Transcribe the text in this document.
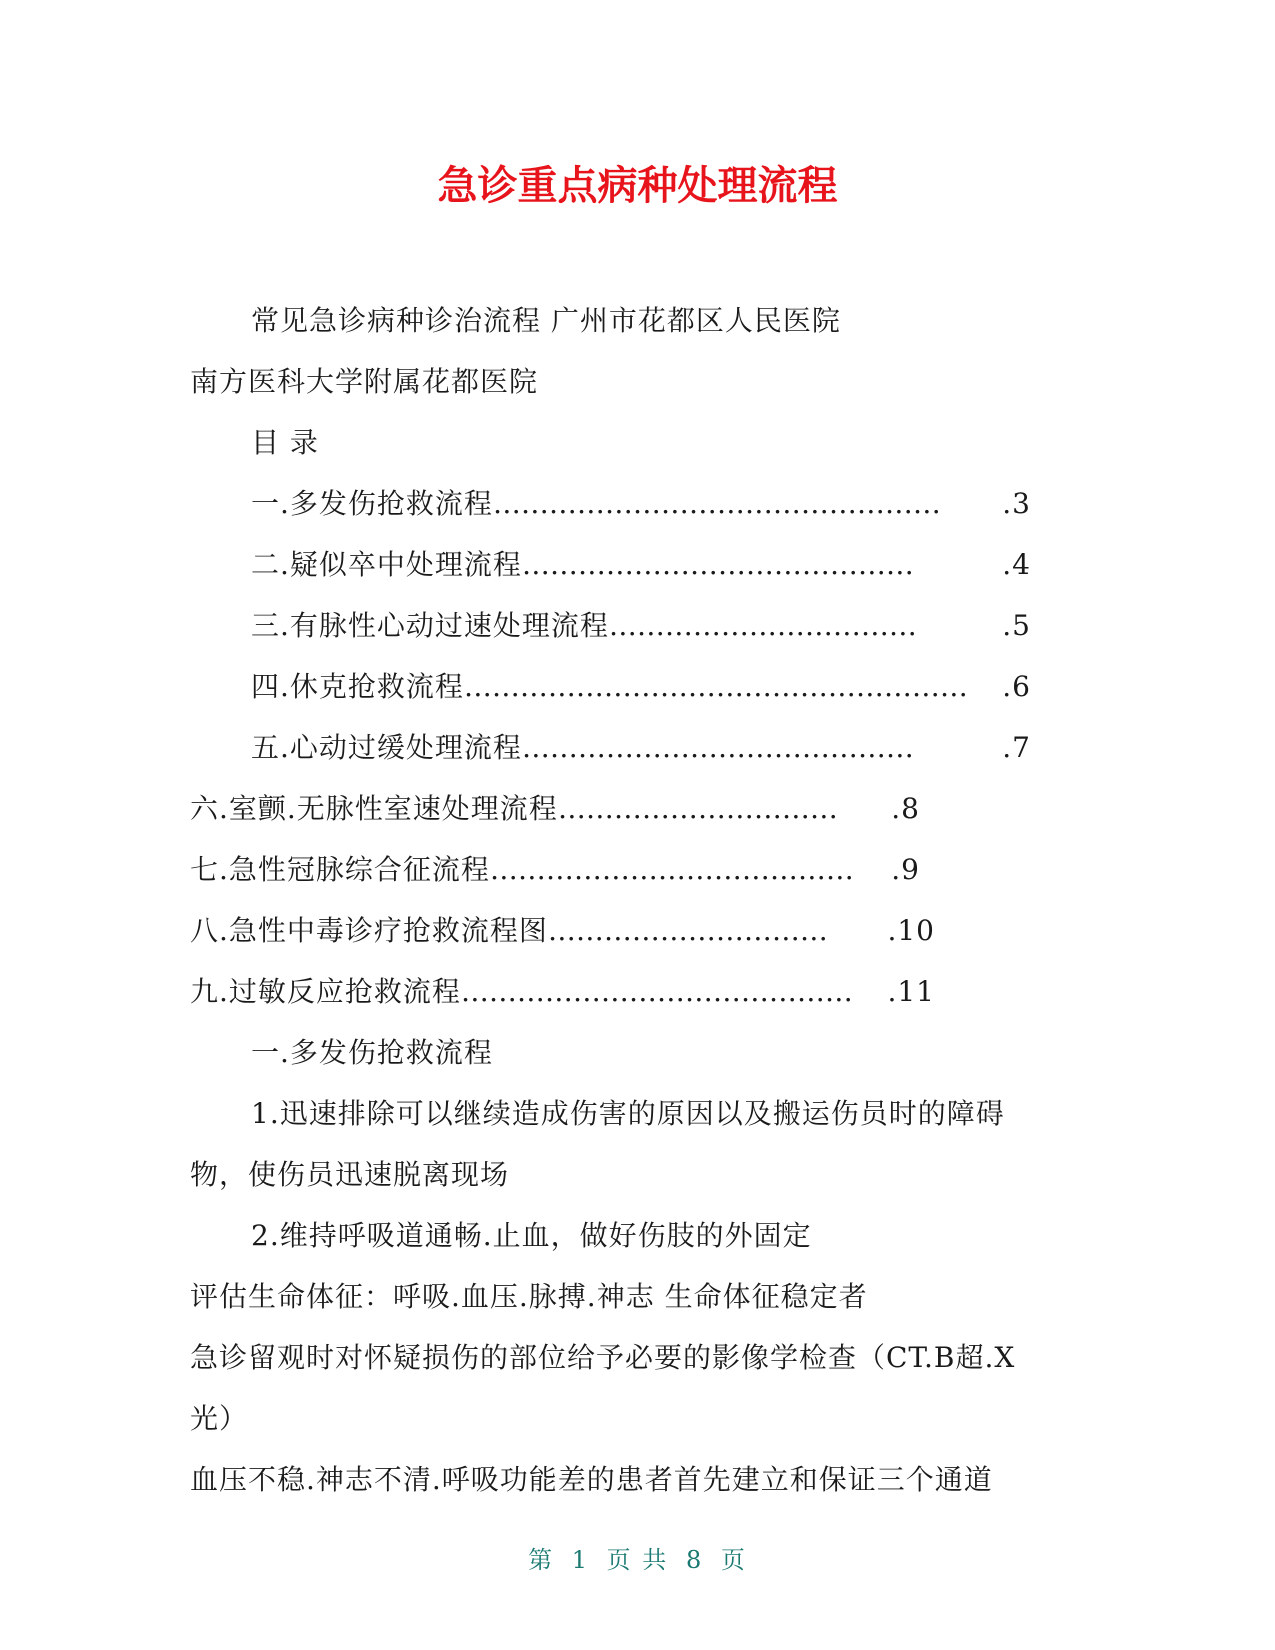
急诊重点病种处理流程
常见急诊病种诊治流程 广州市花都区人民医院
南方医科大学附属花都医院
目 录
一.多发伤抢救流程 …………………………………………	.3
二.疑似卒中处理流程 ……………………………………	.4
三.有脉性心动过速处理流程 ……………………………	.5
四.休克抢救流程 ………………………………………………	.6
五.心动过缓处理流程 ……………………………………	.7
六.室颤.无脉性室速处理流程 …………………………	.8
七.急性冠脉综合征流程 …………………………………	.9
八.急性中毒诊疗抢救流程图 …………………………	.10
九.过敏反应抢救流程 ……………………………………	.11
一.多发伤抢救流程
1.迅速排除可以继续造成伤害的原因以及搬运伤员时的障碍
物，使伤员迅速脱离现场
2.维持呼吸道通畅.止血，做好伤肢的外固定
评估生命体征：呼吸.血压.脉搏.神志 生命体征稳定者
急诊留观时对怀疑损伤的部位给予必要的影像学检查（CT.B超.X
光）
血压不稳.神志不清.呼吸功能差的患者首先建立和保证三个通道
第 1 页 共 8 页
